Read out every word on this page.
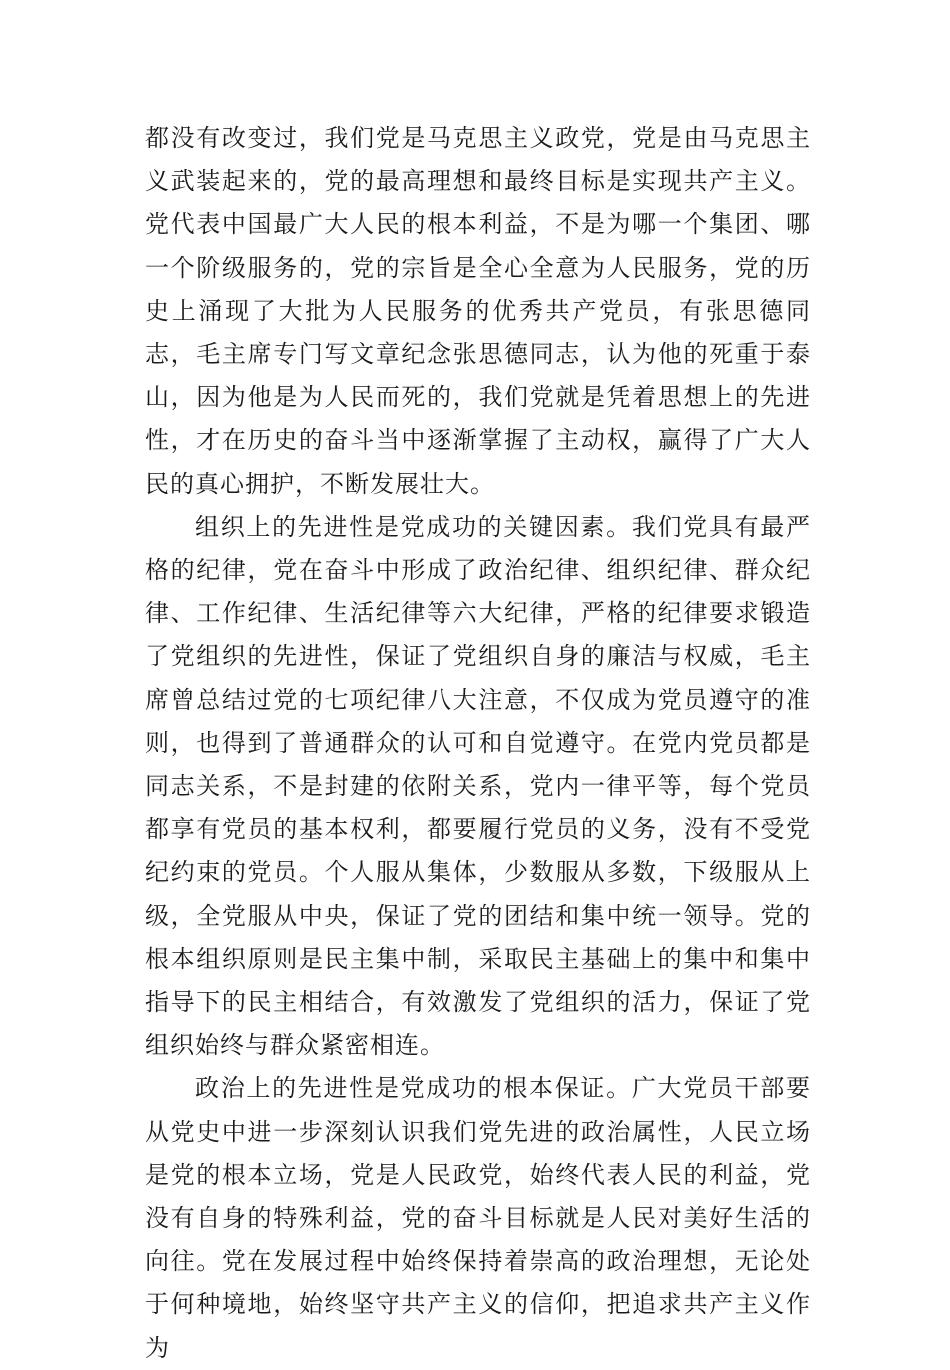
都没有改变过，我们党是马克思主义政党，党是由马克思主义武装起来的，党的最高理想和最终目标是实现共产主义。党代表中国最广大人民的根本利益，不是为哪一个集团、哪一个阶级服务的，党的宗旨是全心全意为人民服务，党的历史上涌现了大批为人民服务的优秀共产党员，有张思德同志，毛主席专门写文章纪念张思德同志，认为他的死重于泰山，因为他是为人民而死的，我们党就是凭着思想上的先进性，才在历史的奋斗当中逐渐掌握了主动权，赢得了广大人民的真心拥护，不断发展壮大。

组织上的先进性是党成功的关键因素。我们党具有最严格的纪律，党在奋斗中形成了政治纪律、组织纪律、群众纪律、工作纪律、生活纪律等六大纪律，严格的纪律要求锻造了党组织的先进性，保证了党组织自身的廉洁与权威，毛主席曾总结过党的七项纪律八大注意，不仅成为党员遵守的准则，也得到了普通群众的认可和自觉遵守。在党内党员都是同志关系，不是封建的依附关系，党内一律平等，每个党员都享有党员的基本权利，都要履行党员的义务，没有不受党纪约束的党员。个人服从集体，少数服从多数，下级服从上级，全党服从中央，保证了党的团结和集中统一领导。党的根本组织原则是民主集中制，采取民主基础上的集中和集中指导下的民主相结合，有效激发了党组织的活力，保证了党组织始终与群众紧密相连。

政治上的先进性是党成功的根本保证。广大党员干部要从党史中进一步深刻认识我们党先进的政治属性，人民立场是党的根本立场，党是人民政党，始终代表人民的利益，党没有自身的特殊利益，党的奋斗目标就是人民对美好生活的向往。党在发展过程中始终保持着崇高的政治理想，无论处于何种境地，始终坚守共产主义的信仰，把追求共产主义作为
